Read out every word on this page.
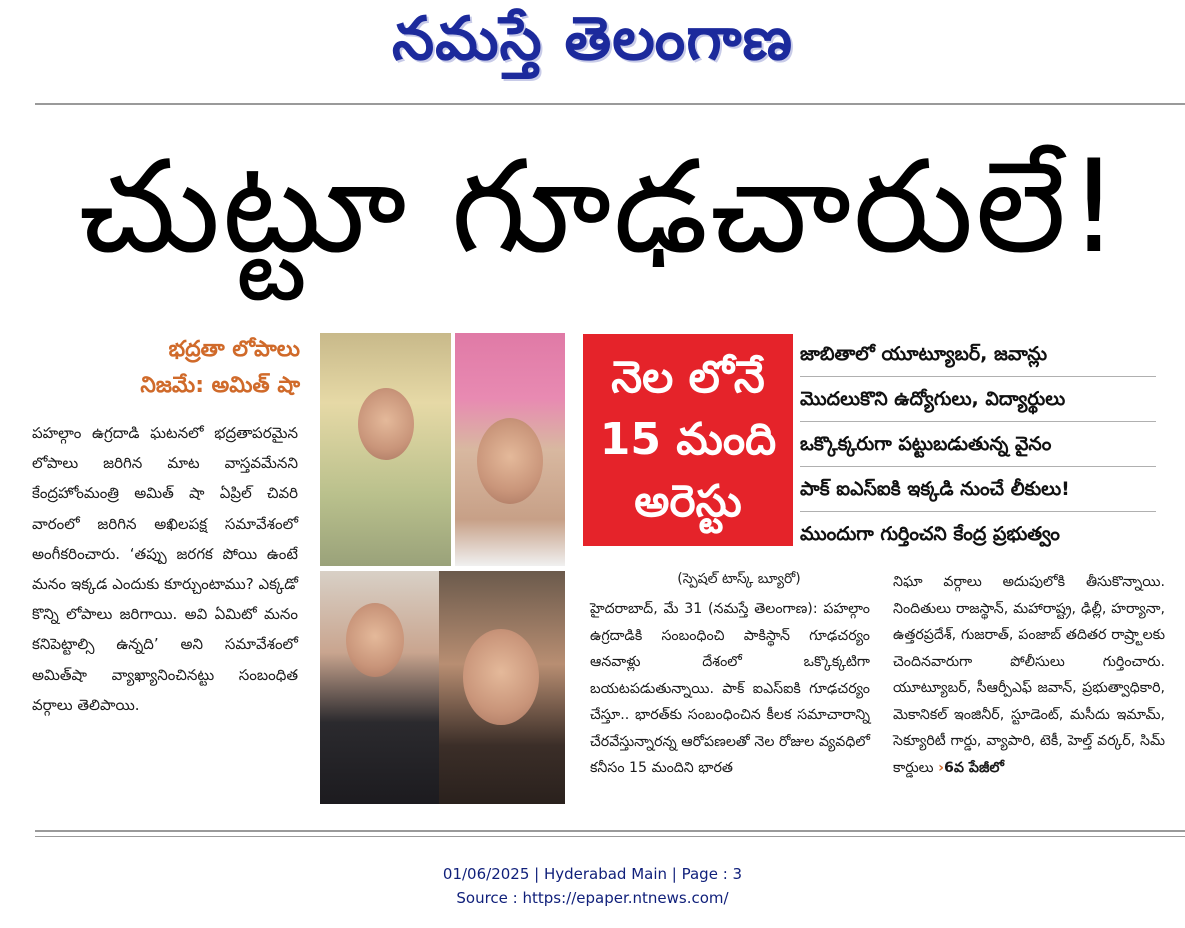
నమస్తే తెలంగాణ
చుట్టూ గూఢచారులే!
భద్రతా లోపాలు
నిజమే: అమిత్ షా
పహల్గాం ఉగ్రదాడి ఘటనలో భద్రతాపరమైన లోపాలు జరిగిన మాట వాస్తవమేనని కేంద్రహోంమంత్రి అమిత్ షా ఏప్రిల్ చివరి వారంలో జరిగిన అఖిలపక్ష సమావేశంలో అంగీకరించారు. ‘తప్పు జరగక పోయి ఉంటే మనం ఇక్కడ ఎందుకు కూర్చుంటాము? ఎక్కడో కొన్ని లోపాలు జరిగాయి. అవి ఏమిటో మనం కనిపెట్టాల్సి ఉన్నది’ అని సమావేశంలో అమిత్‌షా వ్యాఖ్యానించినట్టు సంబంధిత వర్గాలు తెలిపాయి.
నెల లోనే
15 మంది
అరెస్టు
జాబితాలో యూట్యూబర్, జవాన్లు
మొదలుకొని ఉద్యోగులు, విద్యార్థులు
ఒక్కొక్కరుగా పట్టుబడుతున్న వైనం
పాక్ ఐఎస్ఐకి ఇక్కడి నుంచే లీకులు!
ముందుగా గుర్తించని కేంద్ర ప్రభుత్వం
(స్పెషల్ టాస్క్ బ్యూరో)
హైదరాబాద్, మే 31 (నమస్తే తెలంగాణ): పహల్గాం ఉగ్రదాడికి సంబంధించి పాకిస్థాన్ గూఢచర్యం ఆనవాళ్లు దేశంలో ఒక్కొక్కటిగా బయటపడుతున్నాయి. పాక్ ఐఎస్ఐకి గూఢచర్యం చేస్తూ.. భారత్‌కు సంబంధించిన కీలక సమాచారాన్ని చేరవేస్తున్నారన్న ఆరోపణలతో నెల రోజుల వ్యవధిలో కనీసం 15 మందిని భారత
నిఘా వర్గాలు అదుపులోకి తీసుకొన్నాయి. నిందితులు రాజస్థాన్, మహారాష్ట్ర, ఢిల్లీ, హర్యానా, ఉత్తరప్రదేశ్, గుజరాత్, పంజాబ్ తదితర రాష్ర్టాలకు చెందినవారుగా పోలీసులు గుర్తించారు. యూట్యూబర్, సీఆర్పీఎఫ్ జవాన్, ప్రభుత్వాధికారి, మెకానికల్ ఇంజినీర్, స్టూడెంట్, మసీదు ఇమామ్, సెక్యూరిటీ గార్డు, వ్యాపారి, టెకీ, హెల్త్ వర్కర్, సిమ్ కార్డులు ›6వ పేజీలో
01/06/2025 | Hyderabad Main | Page : 3
Source : https://epaper.ntnews.com/
